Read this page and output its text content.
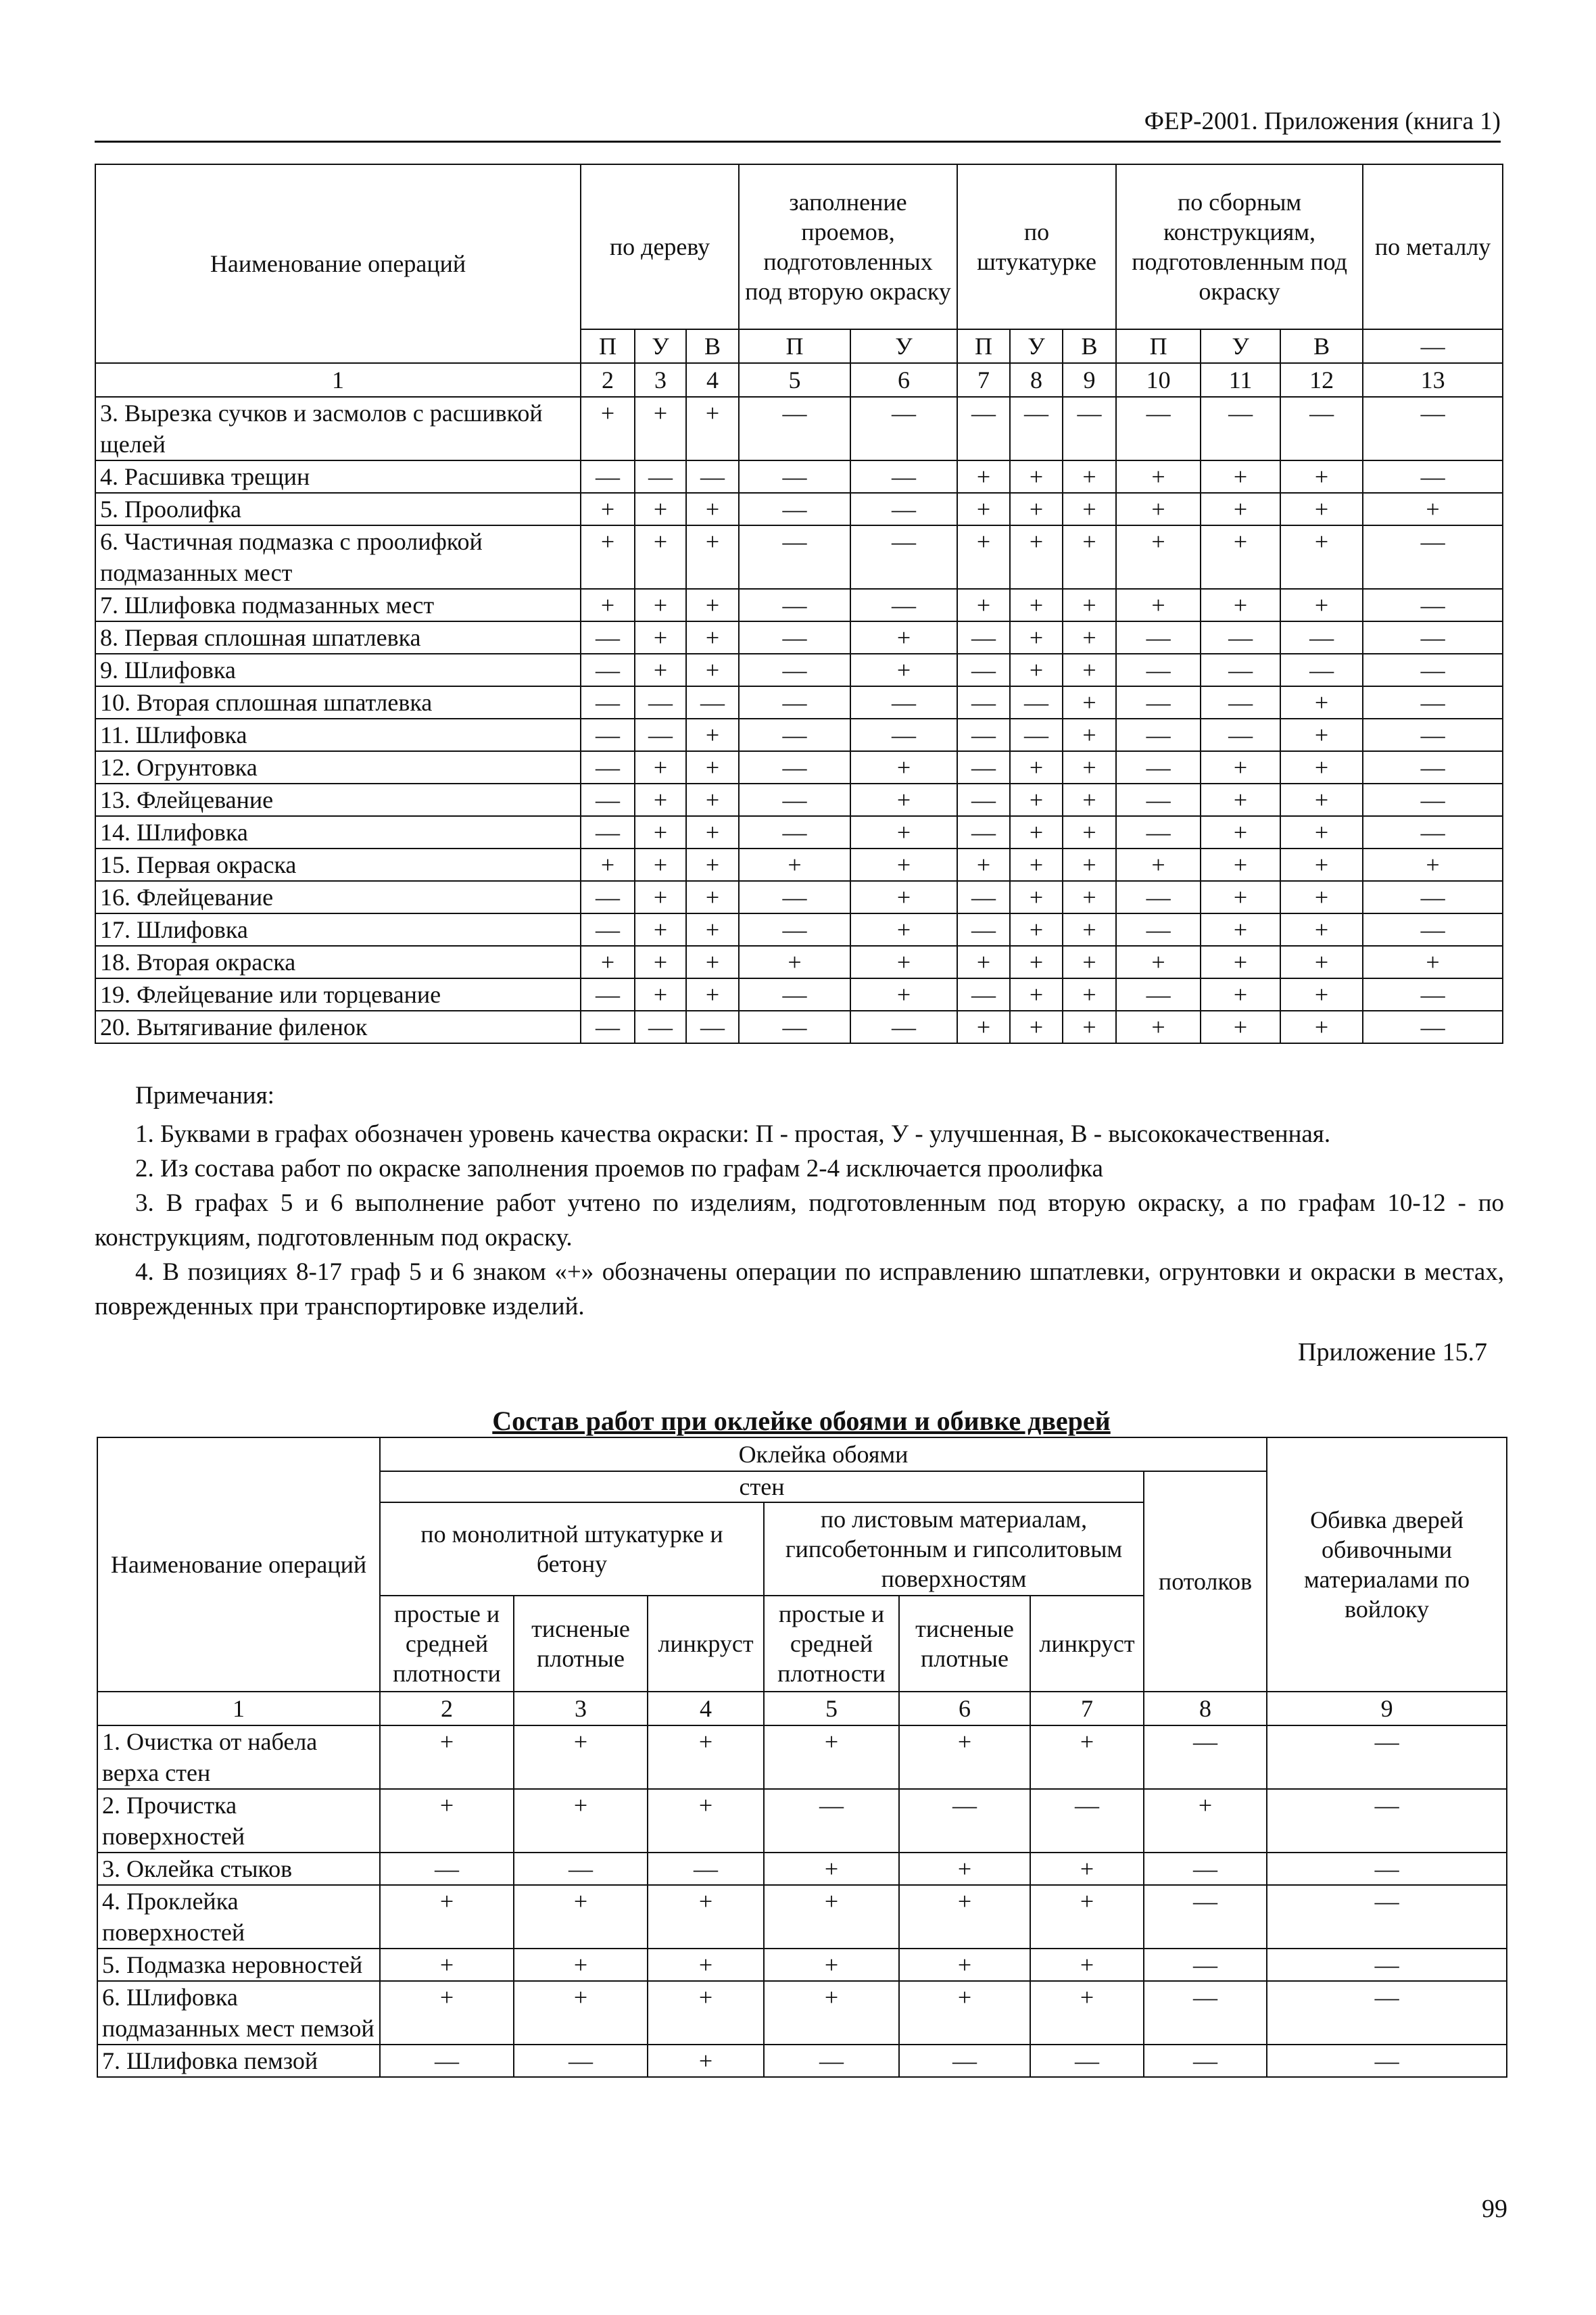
ФЕР-2001. Приложения (книга 1)
Наименование операций	по дереву			заполнение проемов, подготовленных под вторую окраску		по штукатурке			по сборным конструкциям, подготовленным под окраску			по металлу
	П	У	В	П	У	П	У	В	П	У	В	—
1	2	3	4	5	6	7	8	9	10	11	12	13
3. Вырезка сучков и засмолов с расшивкой щелей	+	+	+	—	—	—	—	—	—	—	—	—
4. Расшивка трещин	—	—	—	—	—	+	+	+	+	+	+	—
5. Проолифка	+	+	+	—	—	+	+	+	+	+	+	+
6. Частичная подмазка с проолифкой подмазанных мест	+	+	+	—	—	+	+	+	+	+	+	—
7. Шлифовка подмазанных мест	+	+	+	—	—	+	+	+	+	+	+	—
8. Первая сплошная шпатлевка	—	+	+	—	+	—	+	+	—	—	—	—
9. Шлифовка	—	+	+	—	+	—	+	+	—	—	—	—
10. Вторая сплошная шпатлевка	—	—	—	—	—	—	—	+	—	—	+	—
11. Шлифовка	—	—	+	—	—	—	—	+	—	—	+	—
12. Огрунтовка	—	+	+	—	+	—	+	+	—	+	+	—
13. Флейцевание	—	+	+	—	+	—	+	+	—	+	+	—
14. Шлифовка	—	+	+	—	+	—	+	+	—	+	+	—
15. Первая окраска	+	+	+	+	+	+	+	+	+	+	+	+
16. Флейцевание	—	+	+	—	+	—	+	+	—	+	+	—
17. Шлифовка	—	+	+	—	+	—	+	+	—	+	+	—
18. Вторая окраска	+	+	+	+	+	+	+	+	+	+	+	+
19. Флейцевание или торцевание	—	+	+	—	+	—	+	+	—	+	+	—
20. Вытягивание филенок	—	—	—	—	—	+	+	+	+	+	+	—

Примечания:

1. Буквами в графах обозначен уровень качества окраски: П - простая, У - улучшенная, В - высококачественная.

2. Из состава работ по окраске заполнения проемов по графам 2-4 исключается проолифка

3. В графах 5 и 6 выполнение работ учтено по изделиям, подготовленным под вторую окраску, а по графам 10-12 - по конструкциям, подготовленным под окраску.

4. В позициях 8-17 граф 5 и 6 знаком «+» обозначены операции по исправлению шпатлевки, огрунтовки и окраски в местах, поврежденных при транспортировке изделий.

Приложение 15.7
Состав работ при оклейке обоями и обивке дверей
Наименование операций	Оклейка обоями							Обивка дверей обивочными материалами по войлоку
	стен						потолков	
	по монолитной штукатурке и бетону			по листовым материалам, гипсобетонным и гипсолитовым поверхностям				
	простые и средней плотности	тисненые плотные	линкруст	простые и средней плотности	тисненые плотные	линкруст		
1	2	3	4	5	6	7	8	9
1. Очистка от набела верха стен	+	+	+	+	+	+	—	—
2. Прочистка поверхностей	+	+	+	—	—	—	+	—
3. Оклейка стыков	—	—	—	+	+	+	—	—
4. Проклейка поверхностей	+	+	+	+	+	+	—	—
5. Подмазка неровностей	+	+	+	+	+	+	—	—
6. Шлифовка подмазанных мест пемзой	+	+	+	+	+	+	—	—
7. Шлифовка пемзой	—	—	+	—	—	—	—	—
99
